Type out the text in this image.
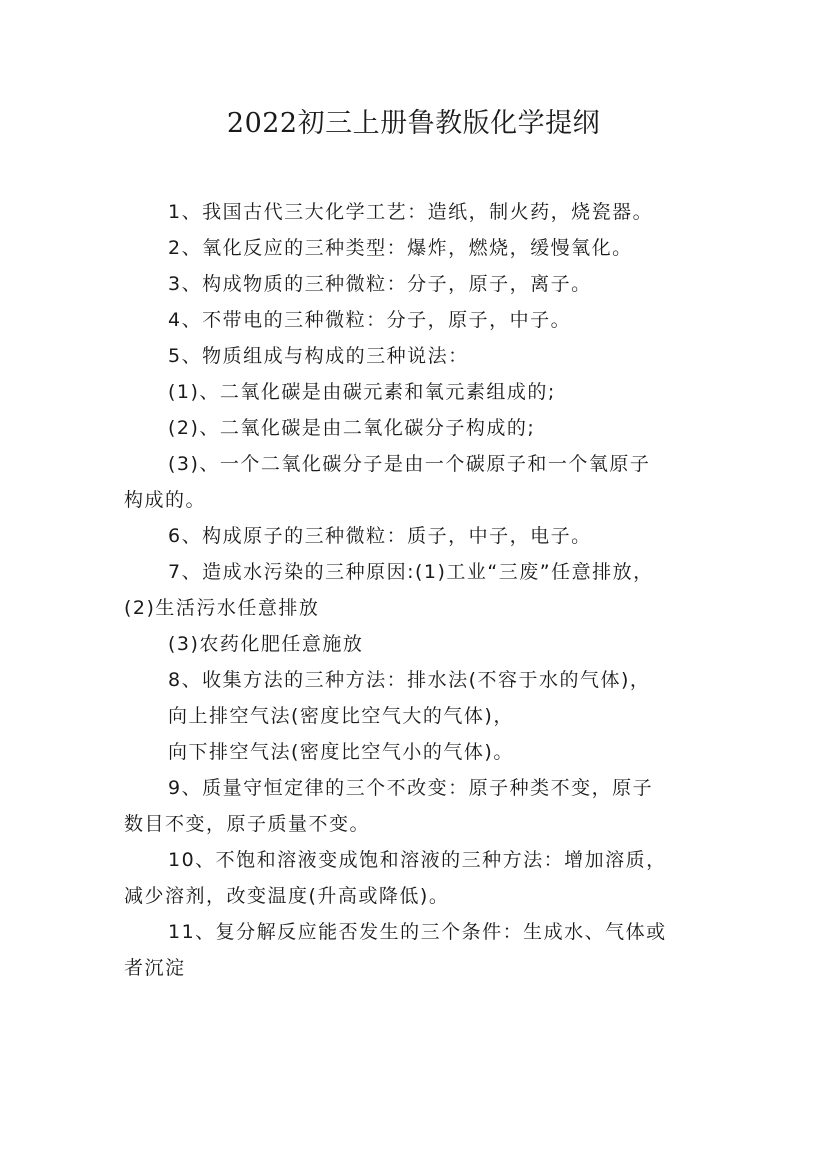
2022初三上册鲁教版化学提纲
1、我国古代三大化学工艺：造纸，制火药，烧瓷器。
2、氧化反应的三种类型：爆炸，燃烧，缓慢氧化。
3、构成物质的三种微粒：分子，原子，离子。
4、不带电的三种微粒：分子，原子，中子。
5、物质组成与构成的三种说法：
(1)、二氧化碳是由碳元素和氧元素组成的;
(2)、二氧化碳是由二氧化碳分子构成的;
(3)、一个二氧化碳分子是由一个碳原子和一个氧原子
构成的。
6、构成原子的三种微粒：质子，中子，电子。
7、造成水污染的三种原因:(1)工业“三废”任意排放，
(2)生活污水任意排放
(3)农药化肥任意施放
8、收集方法的三种方法：排水法(不容于水的气体)，
向上排空气法(密度比空气大的气体)，
向下排空气法(密度比空气小的气体)。
9、质量守恒定律的三个不改变：原子种类不变，原子
数目不变，原子质量不变。
10、不饱和溶液变成饱和溶液的三种方法：增加溶质，
减少溶剂，改变温度(升高或降低)。
11、复分解反应能否发生的三个条件：生成水、气体或
者沉淀
